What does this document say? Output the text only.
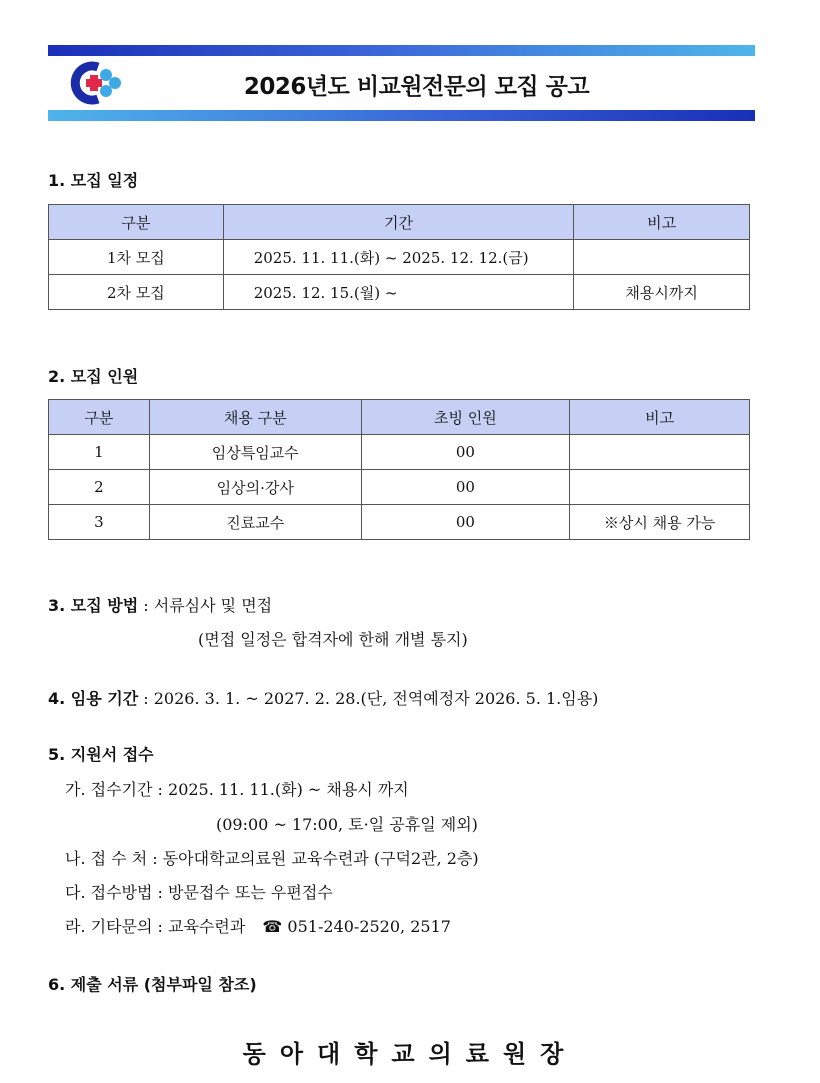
2026년도 비교원전문의 모집 공고
1. 모집 일정
구분	기간	비고
1차 모집	2025. 11. 11.(화) ~ 2025. 12. 12.(금)	
2차 모집	2025. 12. 15.(월) ~	채용시까지
2. 모집 인원
구분	채용 구분	초빙 인원	비고
1	임상특임교수	00	
2	임상의·강사	00	
3	진료교수	00	※상시 채용 가능
3. 모집 방법 : 서류심사 및 면접
(면접 일정은 합격자에 한해 개별 통지)
4. 임용 기간 : 2026. 3. 1. ~ 2027. 2. 28.(단, 전역예정자 2026. 5. 1.임용)
5. 지원서 접수
가. 접수기간 : 2025. 11. 11.(화) ~ 채용시 까지
(09:00 ~ 17:00, 토·일 공휴일 제외)
나. 접 수 처 : 동아대학교의료원 교육수련과 (구덕2관, 2층)
다. 접수방법 : 방문접수 또는 우편접수
라. 기타문의 : 교육수련과 ☎ 051-240-2520, 2517
6. 제출 서류 (첨부파일 참조)
동아대학교의료원장
